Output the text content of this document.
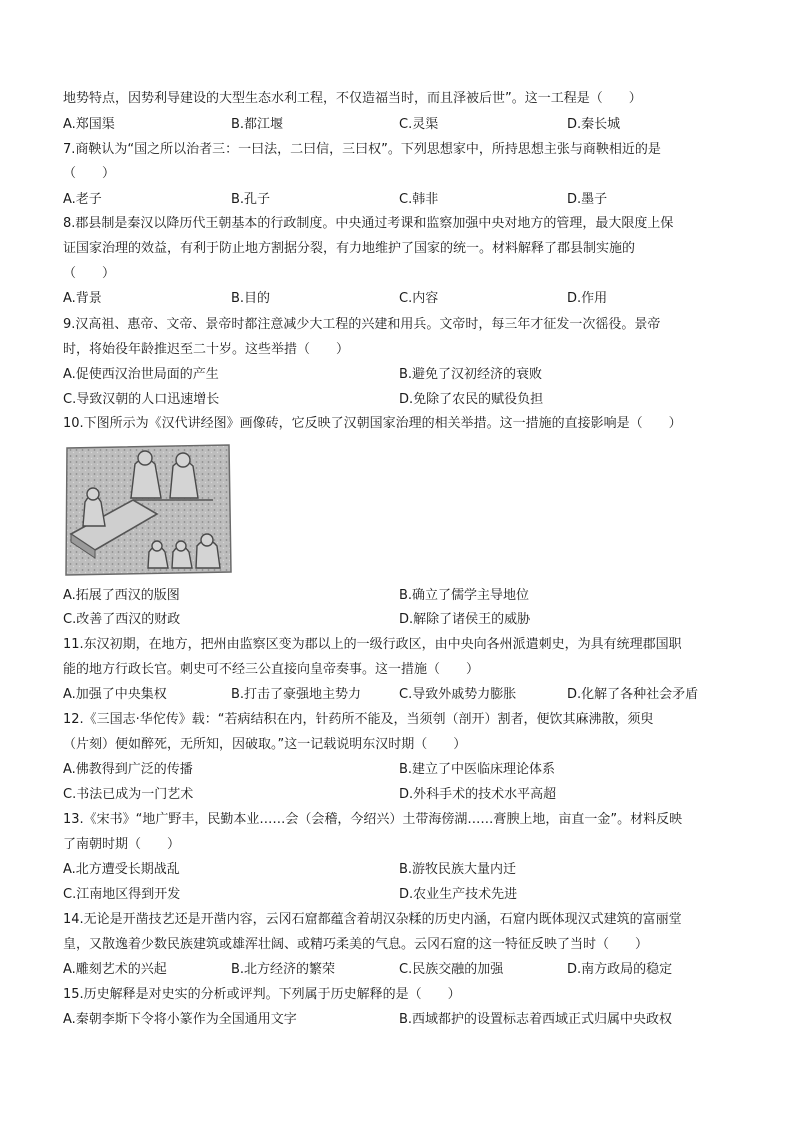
地势特点，因势利导建设的大型生态水利工程，不仅造福当时，而且泽被后世”。这一工程是（　　）
A.郑国渠	B.都江堰	C.灵渠	D.秦长城
7.商鞅认为“国之所以治者三：一曰法，二曰信，三曰权”。下列思想家中，所持思想主张与商鞅相近的是
（　　）
A.老子	B.孔子	C.韩非	D.墨子
8.郡县制是秦汉以降历代王朝基本的行政制度。中央通过考课和监察加强中央对地方的管理，最大限度上保
证国家治理的效益，有利于防止地方割据分裂，有力地维护了国家的统一。材料解释了郡县制实施的
（　　）
A.背景	B.目的	C.内容	D.作用
9.汉高祖、惠帝、文帝、景帝时都注意减少大工程的兴建和用兵。文帝时，每三年才征发一次徭役。景帝
时，将始役年龄推迟至二十岁。这些举措（　　）
A.促使西汉治世局面的产生	B.避免了汉初经济的衰败
C.导致汉朝的人口迅速增长	D.免除了农民的赋役负担
10.下图所示为《汉代讲经图》画像砖，它反映了汉朝国家治理的相关举措。这一措施的直接影响是（　　）
A.拓展了西汉的版图	B.确立了儒学主导地位
C.改善了西汉的财政	D.解除了诸侯王的威胁
11.东汉初期，在地方，把州由监察区变为郡以上的一级行政区，由中央向各州派遣刺史，为具有统理郡国职
能的地方行政长官。刺史可不经三公直接向皇帝奏事。这一措施（　　）
A.加强了中央集权	B.打击了豪强地主势力	C.导致外戚势力膨胀	D.化解了各种社会矛盾
12.《三国志·华佗传》载：“若病结积在内，针药所不能及，当须刳（剖开）割者，便饮其麻沸散，须臾
（片刻）便如醉死，无所知，因破取。”这一记载说明东汉时期（　　）
A.佛教得到广泛的传播	B.建立了中医临床理论体系
C.书法已成为一门艺术	D.外科手术的技术水平高超
13.《宋书》“地广野丰，民勤本业……会（会稽，今绍兴）土带海傍湖……膏腴上地，亩直一金”。材料反映
了南朝时期（　　）
A.北方遭受长期战乱	B.游牧民族大量内迁
C.江南地区得到开发	D.农业生产技术先进
14.无论是开凿技艺还是开凿内容，云冈石窟都蕴含着胡汉杂糅的历史内涵，石窟内既体现汉式建筑的富丽堂
皇，又散逸着少数民族建筑或雄浑壮阔、或精巧柔美的气息。云冈石窟的这一特征反映了当时（　　）
A.雕刻艺术的兴起	B.北方经济的繁荣	C.民族交融的加强	D.南方政局的稳定
15.历史解释是对史实的分析或评判。下列属于历史解释的是（　　）
A.秦朝李斯下令将小篆作为全国通用文字	B.西域都护的设置标志着西域正式归属中央政权
